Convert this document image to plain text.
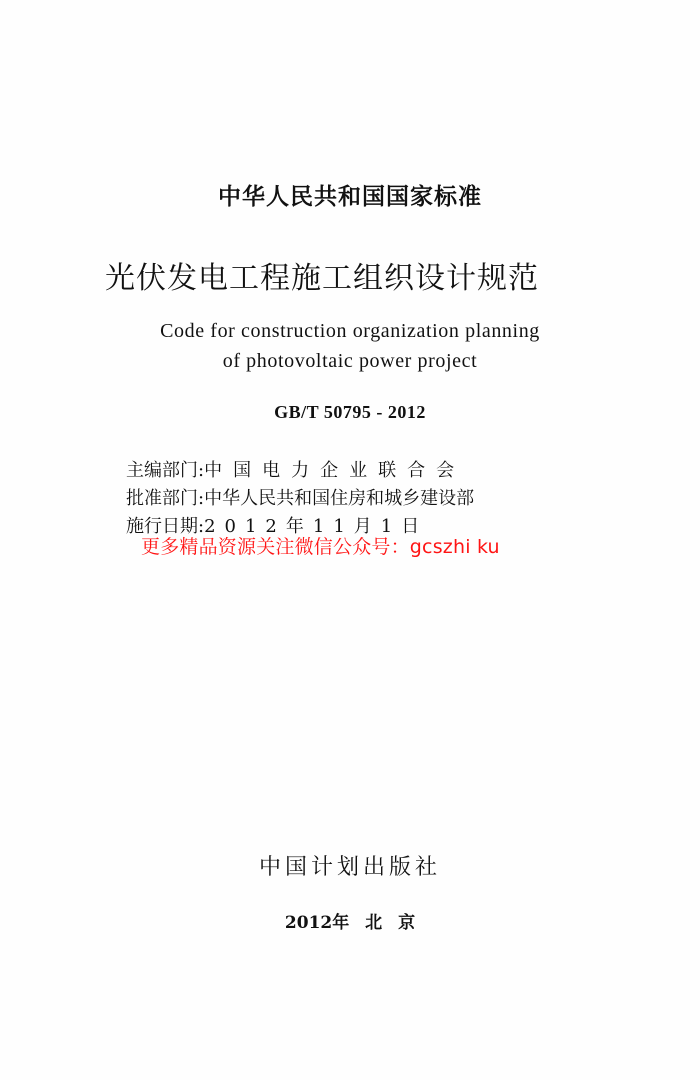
中华人民共和国国家标准
光伏发电工程施工组织设计规范
Code for construction organization planning
of photovoltaic power project
GB/T 50795 - 2012
主编部门:中国电力企业联合会
批准部门:中华人民共和国住房和城乡建设部
施行日期:2012年11月1日
更多精品资源关注微信公众号：gcszhi ku
中国计划出版社
2012年 北 京
